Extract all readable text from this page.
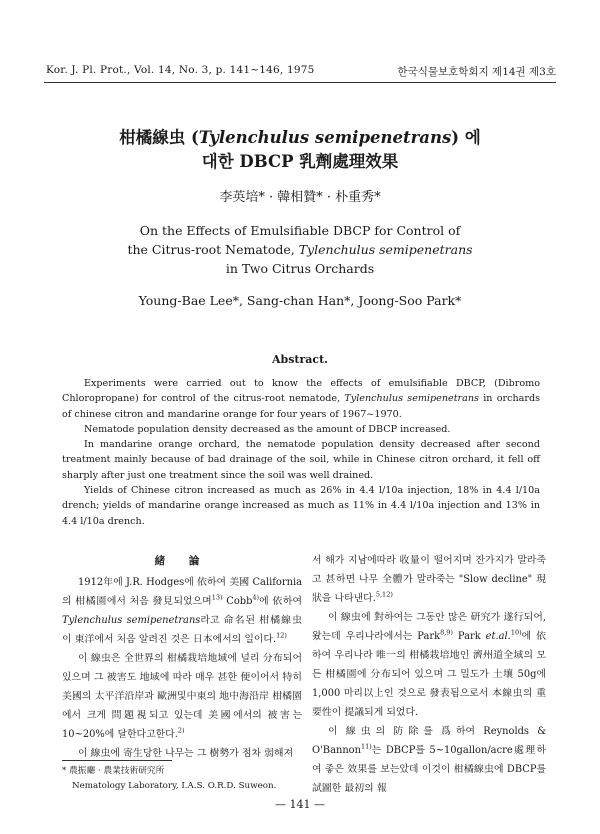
Kor. J. Pl. Prot., Vol. 14, No. 3, p. 141~146, 1975	한국식물보호학회지 제14권 제3호
柑橘線虫 (Tylenchulus semipenetrans) 에
대한 DBCP 乳劑處理效果
李英培* · 韓相贊* · 朴重秀*
On the Effects of Emulsifiable DBCP for Control of
the Citrus-root Nematode, Tylenchulus semipenetrans
in Two Citrus Orchards
Young-Bae Lee*, Sang-chan Han*, Joong-Soo Park*
Abstract.

Experiments were carried out to know the effects of emulsifiable DBCP, (Dibromo Chloropropane) for control of the citrus-root nematode, Tylenchulus semipenetrans in orchards of chinese citron and mandarine orange for four years of 1967~1970.

Nematode population density decreased as the amount of DBCP increased.

In mandarine orange orchard, the nematode population density decreased after second treatment mainly because of bad drainage of the soil, while in Chinese citron orchard, it fell off sharply after just one treatment since the soil was well drained.

Yields of Chinese citron increased as much as 26% in 4.4 l/10a injection, 18% in 4.4 l/10a drench; yields of mandarine orange increased as much as 11% in 4.4 l/10a injection and 13% in 4.4 l/10a drench.

緒 論

1912年에 J.R. Hodges에 依하여 美國 California의 柑橘園에서 처음 發見되었으며$^{13)}$ Cobb$^{4)}$에 依하여 Tylenchulus semipenetrans라고 命名된 柑橘線虫이 東洋에서 처음 알려진 것은 日本에서의 일이다.$^{12)}$

이 線虫은 全世界의 柑橘栽培地域에 널리 分布되어 있으며 그 被害도 地域에 따라 매우 甚한 便이어서 特히 美國의 太平洋沿岸과 歐洲및中東의 地中海沿岸 柑橘園에서 크게 問題視되고 있는데 美國에서의 被害는 10~20%에 달한다고한다.$^{2)}$

이 線虫에 寄生당한 나무는 그 樹勢가 점차 弱해져

서 해가 지남에따라 收量이 떨어지며 잔가지가 말라죽고 甚하면 나무 全體가 말라죽는 "Slow decline" 現狀을 나타낸다.$^{5,12)}$

이 線虫에 對하여는 그동안 많은 研究가 遂行되어, 왔는데 우리나라에서는 Park$^{8,9)}$ Park et.al.$^{10)}$에 依하여 우리나라 唯一의 柑橘栽培地인 濟州道全域의 모든 柑橘園에 分布되어 있으며 그 밀도가 土壤 50g에 1,000 마리以上인 것으로 發表됨으로서 本線虫의 重要性이 提議되게 되었다.

이 線虫의 防除를 爲하여 Reynolds & O'Bannon$^{11)}$는 DBCP를 5~10gallon/acre處理하여 좋은 效果를 보는았데 이것이 柑橘線虫에 DBCP를 試圖한 最初의 報

* 農振廳 · 農業技術研究所
Nematology Laboratory, I.A.S. O.R.D. Suweon.
— 141 —
